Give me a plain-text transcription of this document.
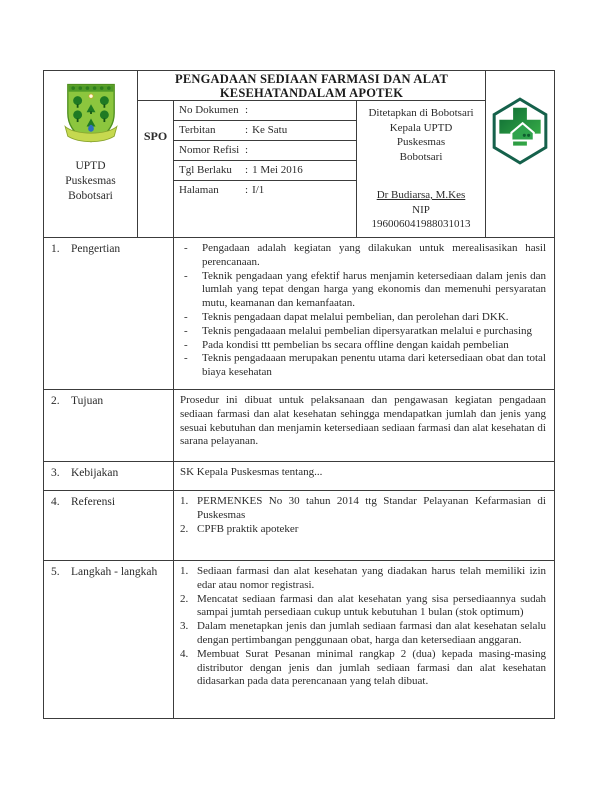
UPTD
Puskesmas
Bobotsari
PENGADAAN SEDIAAN FARMASI DAN ALAT
KESEHATANDALAM APOTEK
SPO
No Dokumen :
Terbitan	: Ke Satu
Nomor Refisi :
Tgl Berlaku : 1 Mei 2016
Halaman : I/1
Ditetapkan di Bobotsari
Kepala UPTD
Puskesmas
Bobotsari
Dr Budiarsa, M.Kes
NIP
196006041988031013
1. Pengertian	-	Pengadaan adalah kegiatan yang dilakukan untuk merealisasikan hasil perencanaan.
-	Teknik pengadaan yang efektif harus menjamin ketersediaan dalam jenis dan lumlah yang tepat dengan harga yang ekonomis dan memenuhi persyaratan mutu, keamanan dan kemanfaatan.
-	Teknis pengadaan dapat melalui pembelian, dan perolehan dari DKK.
-	Teknis pengadaaan melalui pembelian dipersyaratkan melalui e purchasing
-	Pada kondisi ttt pembelian bs secara offline dengan kaidah pembelian
-	Teknis pengadaaan merupakan penentu utama dari ketersediaan obat dan total biaya kesehatan
2. Tujuan	Prosedur ini dibuat untuk pelaksanaan dan pengawasan kegiatan pengadaan sediaan farmasi dan alat kesehatan sehingga mendapatkan jumlah dan jenis yang sesuai kebutuhan dan menjamin ketersediaan sediaan farmasi dan alat kesehatan di sarana pelayanan.
3. Kebijakan	SK Kepala Puskesmas tentang...
4. Referensi	1. PERMENKES No 30 tahun 2014 ttg Standar Pelayanan Kefarmasian di Puskesmas
2. CPFB praktik apoteker
5. Langkah - langkah 1. Sediaan farmasi dan alat kesehatan yang diadakan harus telah memiliki izin edar atau nomor registrasi.
2. Mencatat sediaan farmasi dan alat kesehatan yang sisa persediaannya sudah sampai jumtah persediaan cukup untuk kebutuhan 1 bulan (stok optimum)
3. Dalam menetapkan jenis dan jumlah sediaan farmasi dan alat kesehatan selalu dengan pertimbangan penggunaan obat, harga dan ketersediaan anggaran.
4. Membuat Surat Pesanan minimal rangkap 2 (dua) kepada masing-masing distributor dengan jenis dan jumlah sediaan farmasi dan alat kesehatan didasarkan pada data perencanaan yang telah dibuat.
